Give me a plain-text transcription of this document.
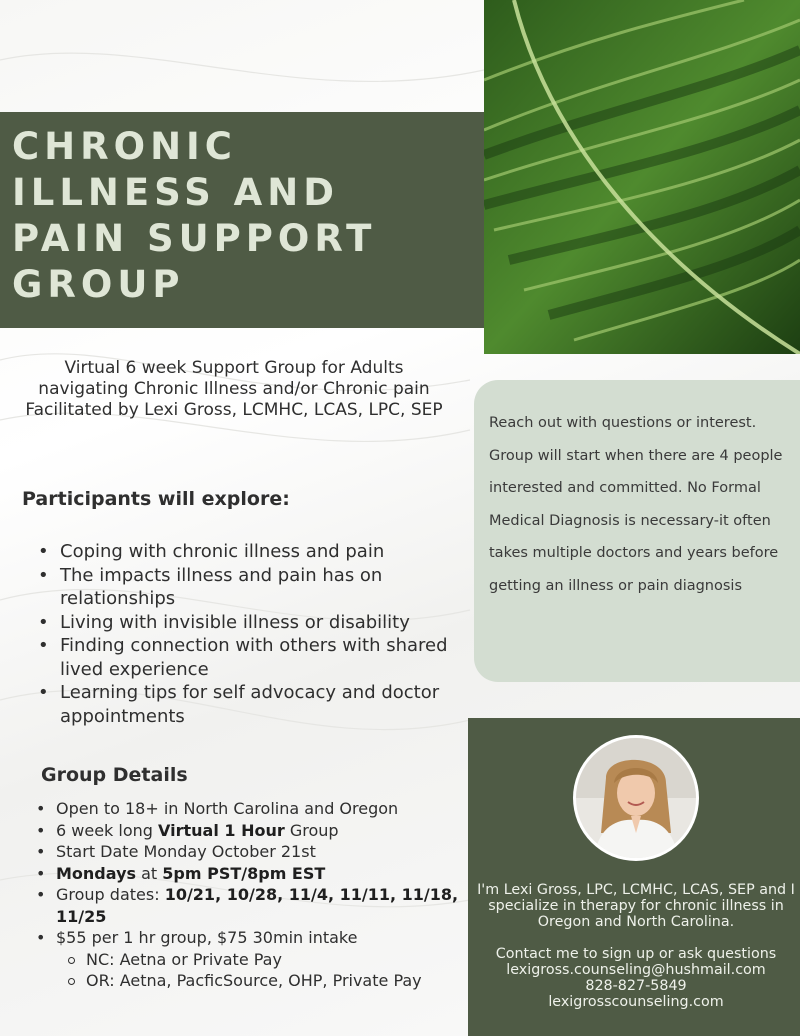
CHRONIC
ILLNESS AND
PAIN SUPPORT
GROUP

Virtual 6 week Support Group for Adults navigating Chronic Illness and/or Chronic pain

Facilitated by Lexi Gross, LCMHC, LCAS, LPC, SEP

Participants will explore:
• Coping with chronic illness and pain
• The impacts illness and pain has on relationships
• Living with invisible illness or disability
• Finding connection with others with shared lived experience
• Learning tips for self advocacy and doctor appointments
Group Details
• Open to 18+ in North Carolina and Oregon
• 6 week long Virtual 1 Hour Group
• Start Date Monday October 21st
• Mondays at 5pm PST/8pm EST
• Group dates: 10/21, 10/28, 11/4, 11/11, 11/18, 11/25
• $55 per 1 hr group, $75 30min intake
NC: Aetna or Private Pay
OR: Aetna, PacficSource, OHP, Private Pay

Reach out with questions or interest. Group will start when there are 4 people interested and committed. No Formal Medical Diagnosis is necessary-it often takes multiple doctors and years before getting an illness or pain diagnosis

I'm Lexi Gross, LPC, LCMHC, LCAS, SEP and I specialize in therapy for chronic illness in Oregon and North Carolina.

Contact me to sign up or ask questions

lexigross.counseling@hushmail.com

828-827-5849

lexigrosscounseling.com
